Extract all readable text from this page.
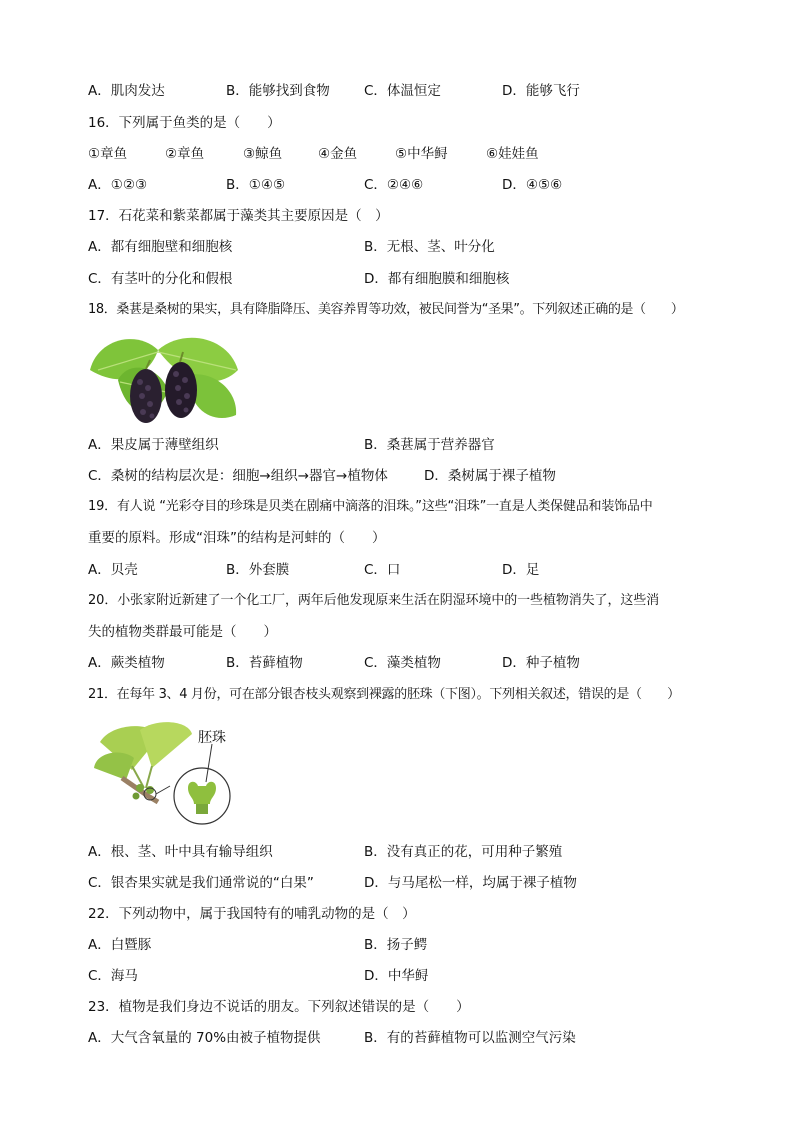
A．肌肉发达	B．能够找到食物	C．体温恒定	D．能够飞行
16．下列属于鱼类的是（　　）
①章鱼	②章鱼	③鲸鱼	④金鱼	⑤中华鲟	⑥娃娃鱼
A．①②③	B．①④⑤	C．②④⑥	D．④⑤⑥
17．石花菜和紫菜都属于藻类其主要原因是（　）
A．都有细胞壁和细胞核	B．无根、茎、叶分化
C．有茎叶的分化和假根	D．都有细胞膜和细胞核
18．桑葚是桑树的果实，具有降脂降压、美容养胃等功效，被民间誉为“圣果”。下列叙述正确的是（　　）
A．果皮属于薄壁组织	B．桑葚属于营养器官
C．桑树的结构层次是：细胞→组织→器官→植物体	D．桑树属于裸子植物
19．有人说 “光彩夺目的珍珠是贝类在剧痛中滴落的泪珠。”这些“泪珠”一直是人类保健品和装饰品中
重要的原料。形成“泪珠”的结构是河蚌的（　　）
A．贝壳	B．外套膜	C．口	D．足
20．小张家附近新建了一个化工厂，两年后他发现原来生活在阴湿环境中的一些植物消失了，这些消
失的植物类群最可能是（　　）
A．蕨类植物	B．苔藓植物	C．藻类植物	D．种子植物
21．在每年 3、4 月份，可在部分银杏枝头观察到裸露的胚珠（下图）。下列相关叙述，错误的是（　　）
胚珠
A．根、茎、叶中具有输导组织	B．没有真正的花，可用种子繁殖
C．银杏果实就是我们通常说的“白果”	D．与马尾松一样，均属于裸子植物
22．下列动物中，属于我国特有的哺乳动物的是（　）
A．白暨豚	B．扬子鳄
C．海马	D．中华鲟
23．植物是我们身边不说话的朋友。下列叙述错误的是（　　）
A．大气含氧量的 70%由被子植物提供	B．有的苔藓植物可以监测空气污染
